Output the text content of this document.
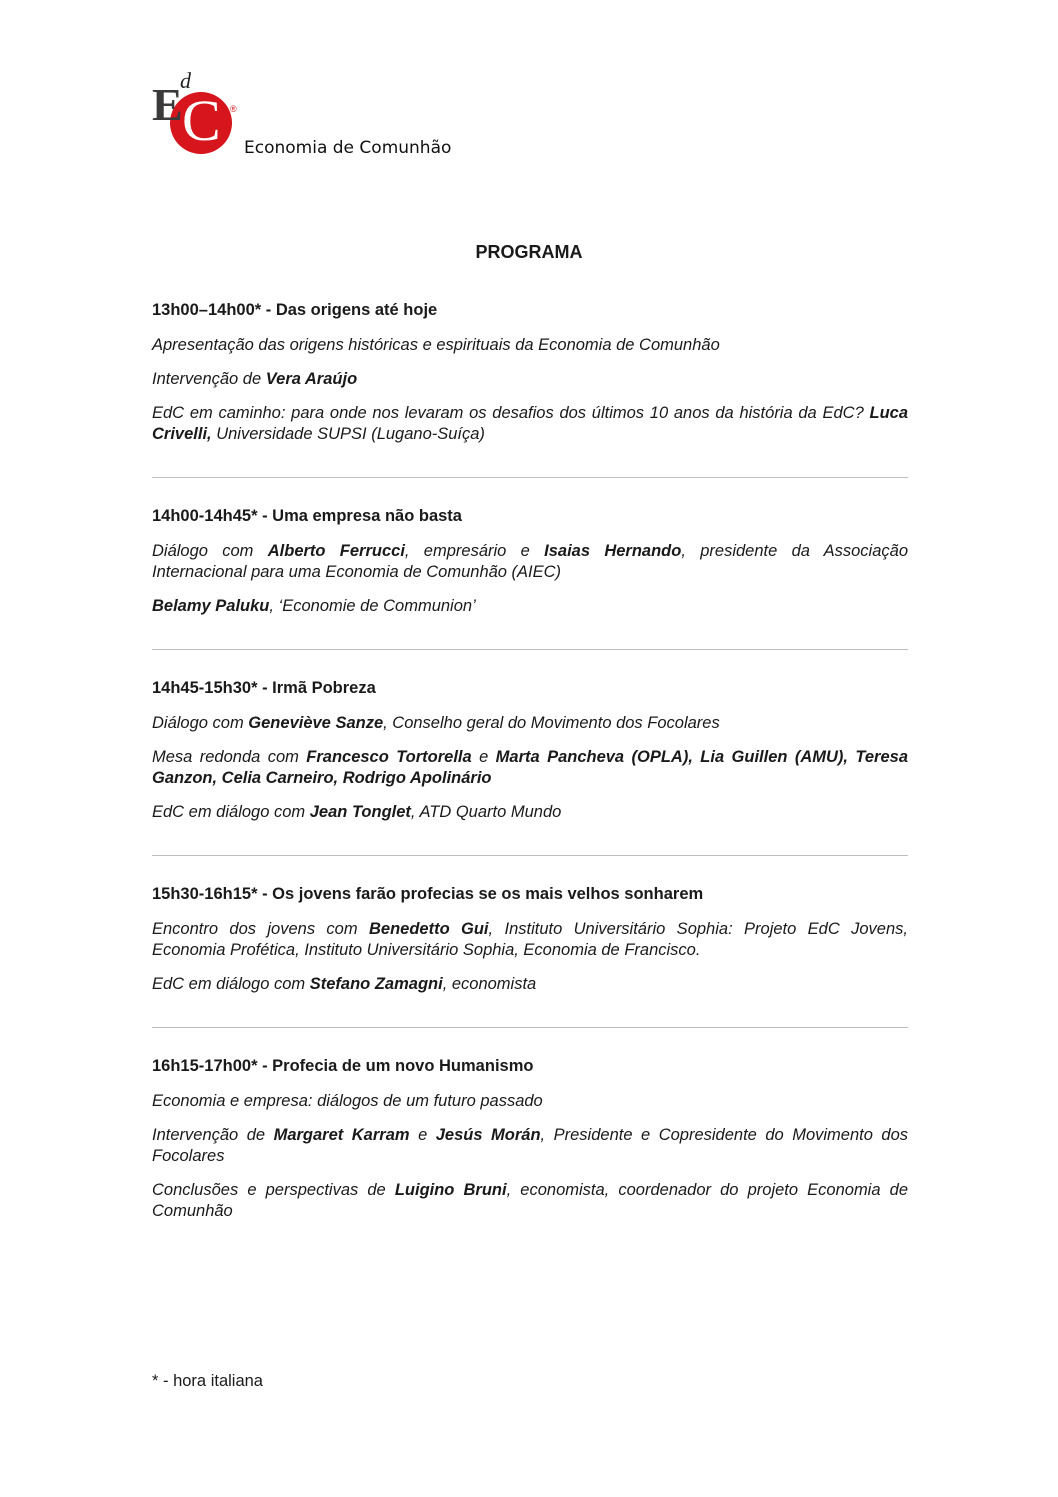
E
d
C ®
Economia de Comunhão
PROGRAMA
13h00–14h00* - Das origens até hoje
Apresentação das origens históricas e espirituais da Economia de Comunhão
Intervenção de Vera Araújo
EdC em caminho: para onde nos levaram os desafios dos últimos 10 anos da história da EdC? Luca Crivelli, Universidade SUPSI (Lugano-Suíça)
14h00-14h45* - Uma empresa não basta
Diálogo com Alberto Ferrucci, empresário e Isaias Hernando, presidente da Associação Internacional para uma Economia de Comunhão (AIEC)
Belamy Paluku, ‘Economie de Communion’
14h45-15h30* - Irmã Pobreza
Diálogo com Geneviève Sanze, Conselho geral do Movimento dos Focolares
Mesa redonda com Francesco Tortorella e Marta Pancheva (OPLA), Lia Guillen (AMU), Teresa Ganzon, Celia Carneiro, Rodrigo Apolinário
EdC em diálogo com Jean Tonglet, ATD Quarto Mundo
15h30-16h15* - Os jovens farão profecias se os mais velhos sonharem
Encontro dos jovens com Benedetto Gui, Instituto Universitário Sophia: Projeto EdC Jovens, Economia Profética, Instituto Universitário Sophia, Economia de Francisco.
EdC em diálogo com Stefano Zamagni, economista
16h15-17h00* - Profecia de um novo Humanismo
Economia e empresa: diálogos de um futuro passado
Intervenção de Margaret Karram e Jesús Morán, Presidente e Copresidente do Movimento dos Focolares
Conclusões e perspectivas de Luigino Bruni, economista, coordenador do projeto Economia de Comunhão
* - hora italiana
